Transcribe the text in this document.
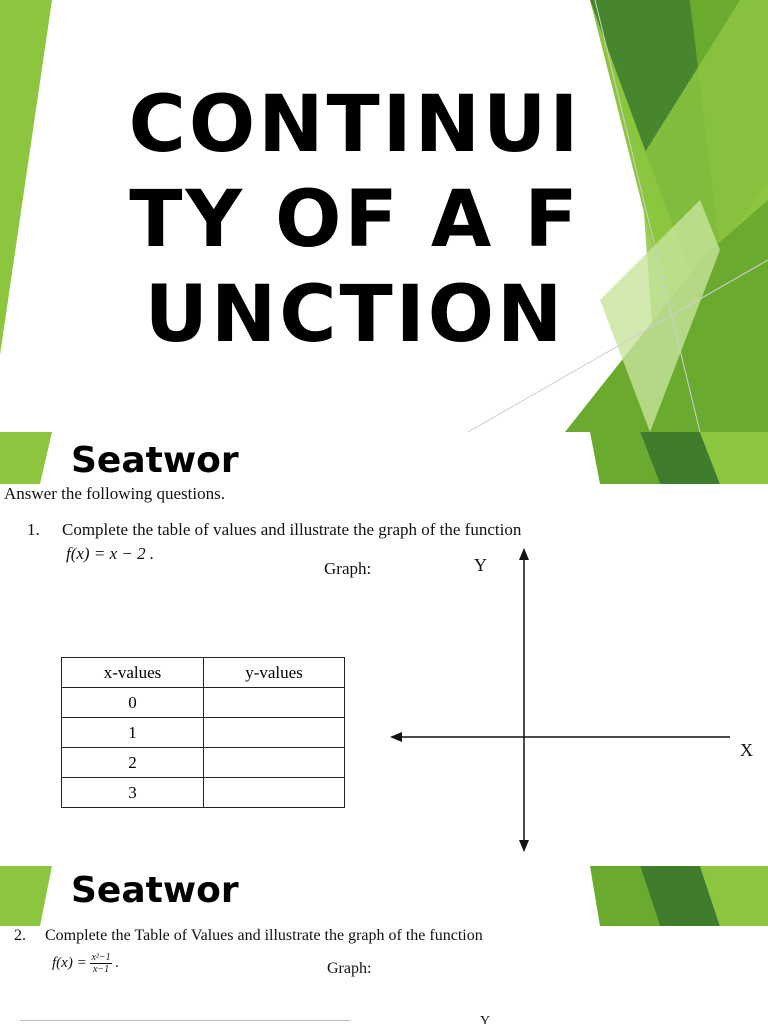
CONTINUITY OF A FUNCTION
Seatwor
Answer the following questions.
1. Complete the table of values and illustrate the graph of the function
f(x) = x − 2 .
Graph:
x-values	y-values
0	
1	
2	
3	
Y
X
Seatwor
2. Complete the Table of Values and illustrate the graph of the function
$f(x) = \frac{\text{x²−1}}{x-1}$ .	Graph:
Y
